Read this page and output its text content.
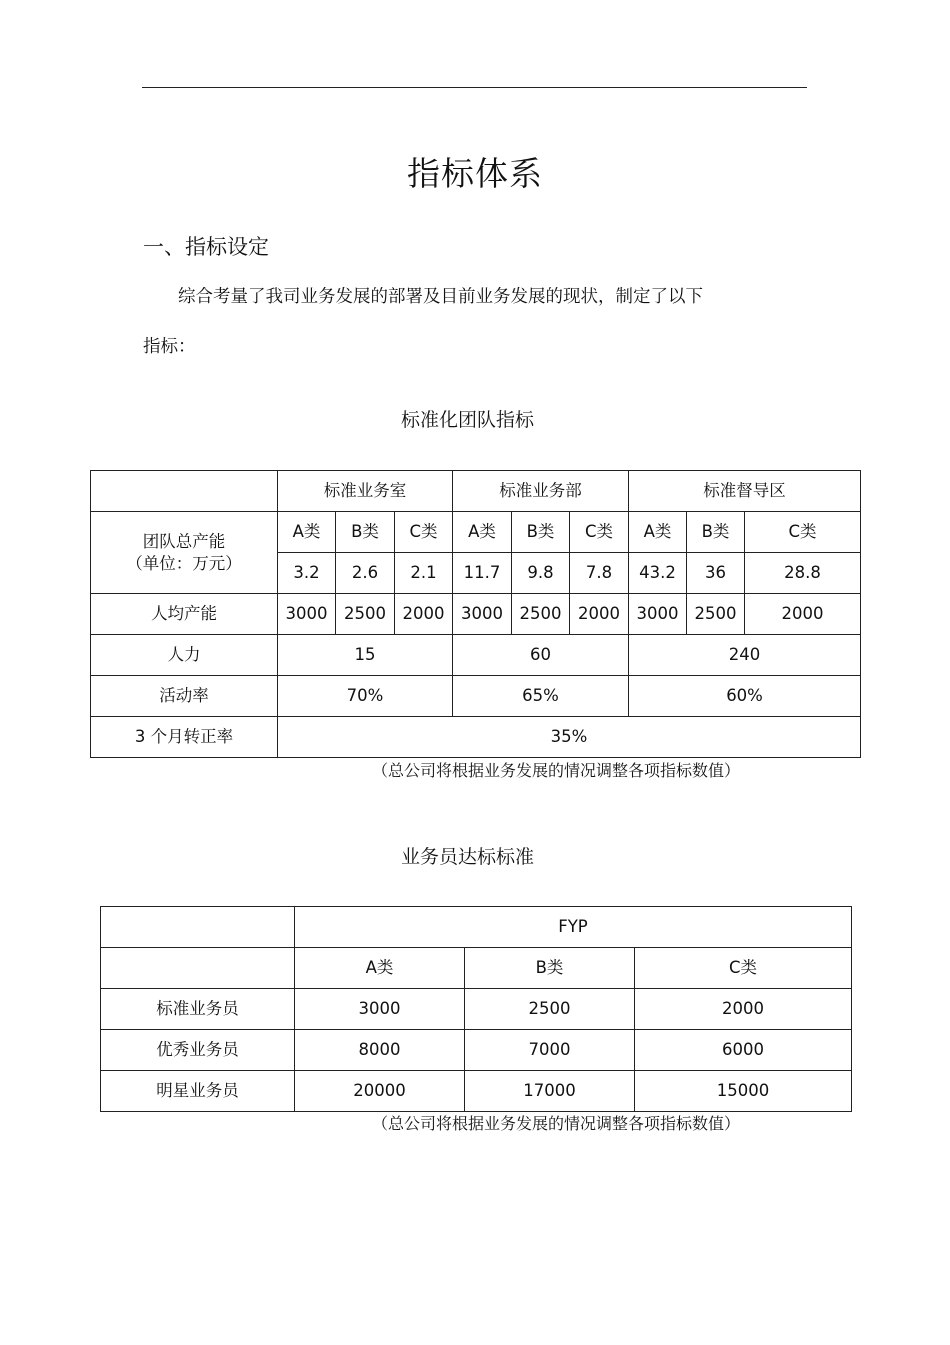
指标体系
一、指标设定
综合考量了我司业务发展的部署及目前业务发展的现状，制定了以下
指标：
标准化团队指标
	标准业务室			标准业务部			标准督导区		

团队总产能
（单位：万元）	A类	B类	C类	A类	B类	C类	A类	B类	C类
	3.2	2.6	2.1	11.7	9.8	7.8	43.2	36	28.8
人均产能	3000	2500	2000	3000	2500	2000	3000	2500	2000
人力	15			60			240		
活动率	70%			65%			60%		
3 个月转正率	35%								
（总公司将根据业务发展的情况调整各项指标数值）
业务员达标标准
	FYP		
	A类	B类	C类
标准业务员	3000	2500	2000
优秀业务员	8000	7000	6000
明星业务员	20000	17000	15000
（总公司将根据业务发展的情况调整各项指标数值）
